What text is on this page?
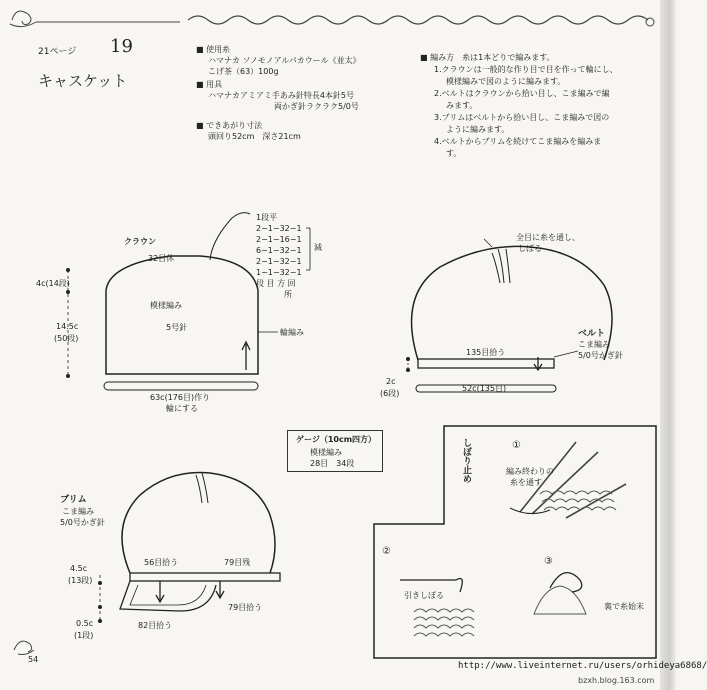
21ページ 19
キャスケット
■ 使用糸
ハマナカ ソノモノアルパカウール《並太》
こげ茶（63）100g
■ 用具
ハマナカアミアミ手あみ針特長4本針5号
両かぎ針ラクラク5/0号
■ できあがり寸法
頭回り52cm　深さ21cm
■ 編み方　糸は1本どりで編みます。
1.クラウンは一般的な作り目で目を作って輪にし、
模様編みで図のように編みます。
2.ベルトはクラウンから拾い目し、こま編みで編
みます。
3.ブリムはベルトから拾い目し、こま編みで図の
ように編みます。
4.ベルトからブリムを続けてこま編みを編みま
す。
クラウン
32目休
1段平
2−1−32−1
2−1−16−1
6−1−32−1
2−1−32−1
1−1−32−1
段 目 方 回
所
減
模様編み
5号針
輪編み
4c(14段)
14.5c
(50段)
63c(176目)作り
輪にする
全目に糸を通し、
しぼる
135目拾う
ベルト
こま編み
5/0号かぎ針
2c
(6段)
52c(135目)
ゲージ（10cm四方）
模様編み
28目　34段
ブリム
こま編み
5/0号かぎ針
4.5c
(13段)
0.5c
(1段)
56目拾う	79目残
79目拾う
82目拾う
しぼり止め	①
②
③
編み終わりの
糸を通す
引きしぼる
裏で糸始末
54
http://www.liveinternet.ru/users/orhideya6868/
bzxh.blog.163.com
